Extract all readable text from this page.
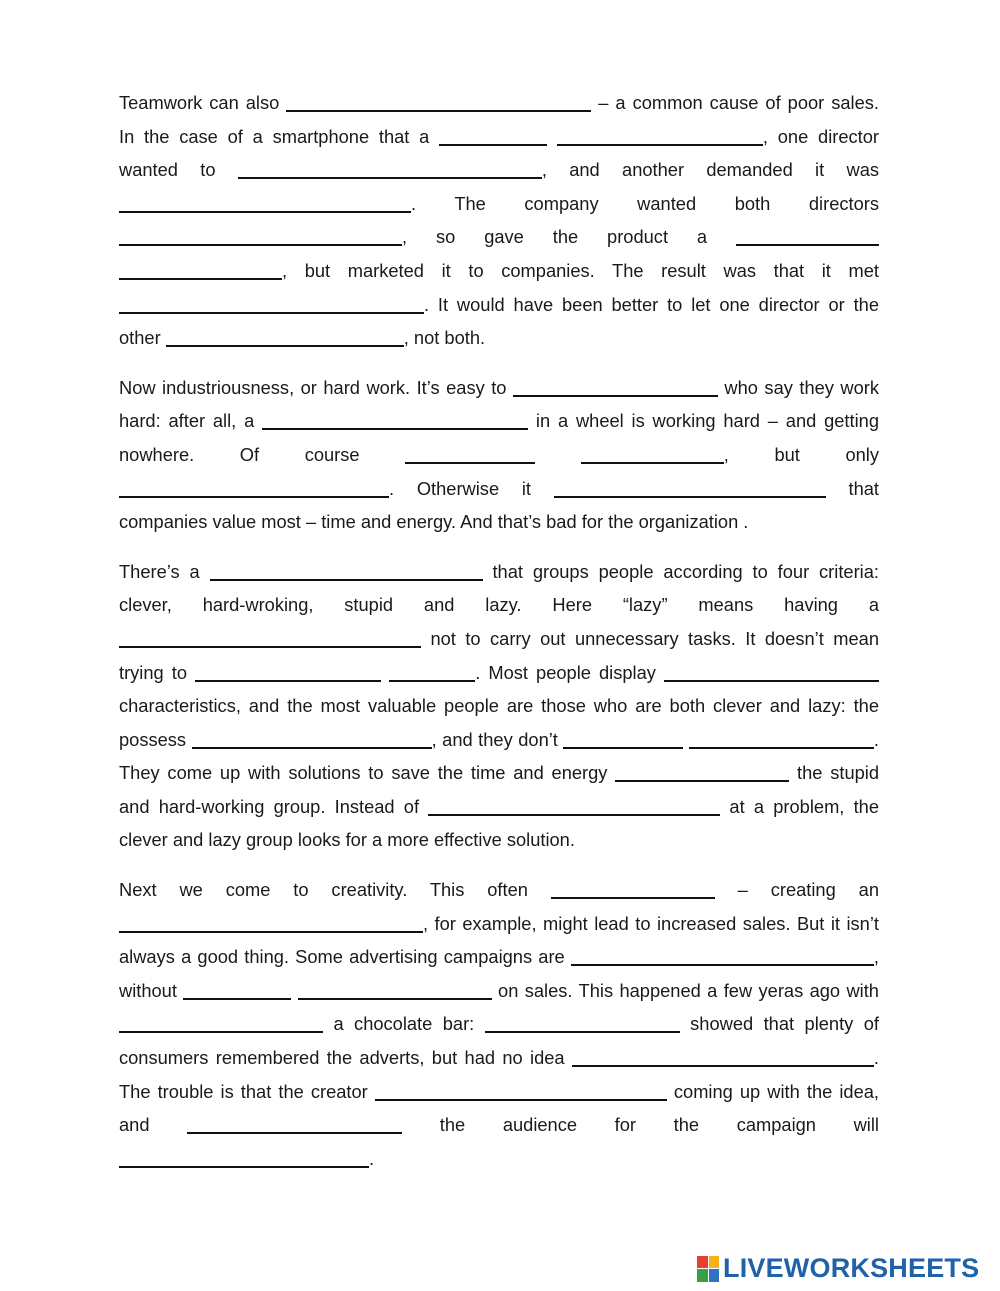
Teamwork can also	– a common cause of poor sales. In the case of a smartphone that a	, one director wanted to	, and another demanded it was . The company wanted both directors , so gave the product a  , but marketed it to companies. The result was that it met . It would have been better to let one director or the other	, not both.

Now industriousness, or hard work. It’s easy to	who say they work hard: after all, a	in a wheel is working hard – and getting nowhere. Of course	, but only . Otherwise it	that companies value most – time and energy. And that’s bad for the organization .

There’s a	that groups people according to four criteria: clever, hard-wroking, stupid and lazy. Here “lazy” means having a  not to carry out unnecessary tasks. It doesn’t mean trying to	. Most people display  characteristics, and the most valuable people are those who are both clever and lazy: the possess	, and they don’t	. They come up with solutions to save the time and energy	the stupid and hard-working group. Instead of	at a problem, the clever and lazy group looks for a more effective solution.

Next we come to creativity. This often	– creating an , for example, might lead to increased sales. But it isn’t always a good thing. Some advertising campaigns are	, without	on sales. This happened a few yeras ago with  a chocolate bar:	showed that plenty of consumers remembered the adverts, but had no idea	. The trouble is that the creator	coming up with the idea, and	the audience for the campaign will .

LIVEWORKSHEETS
